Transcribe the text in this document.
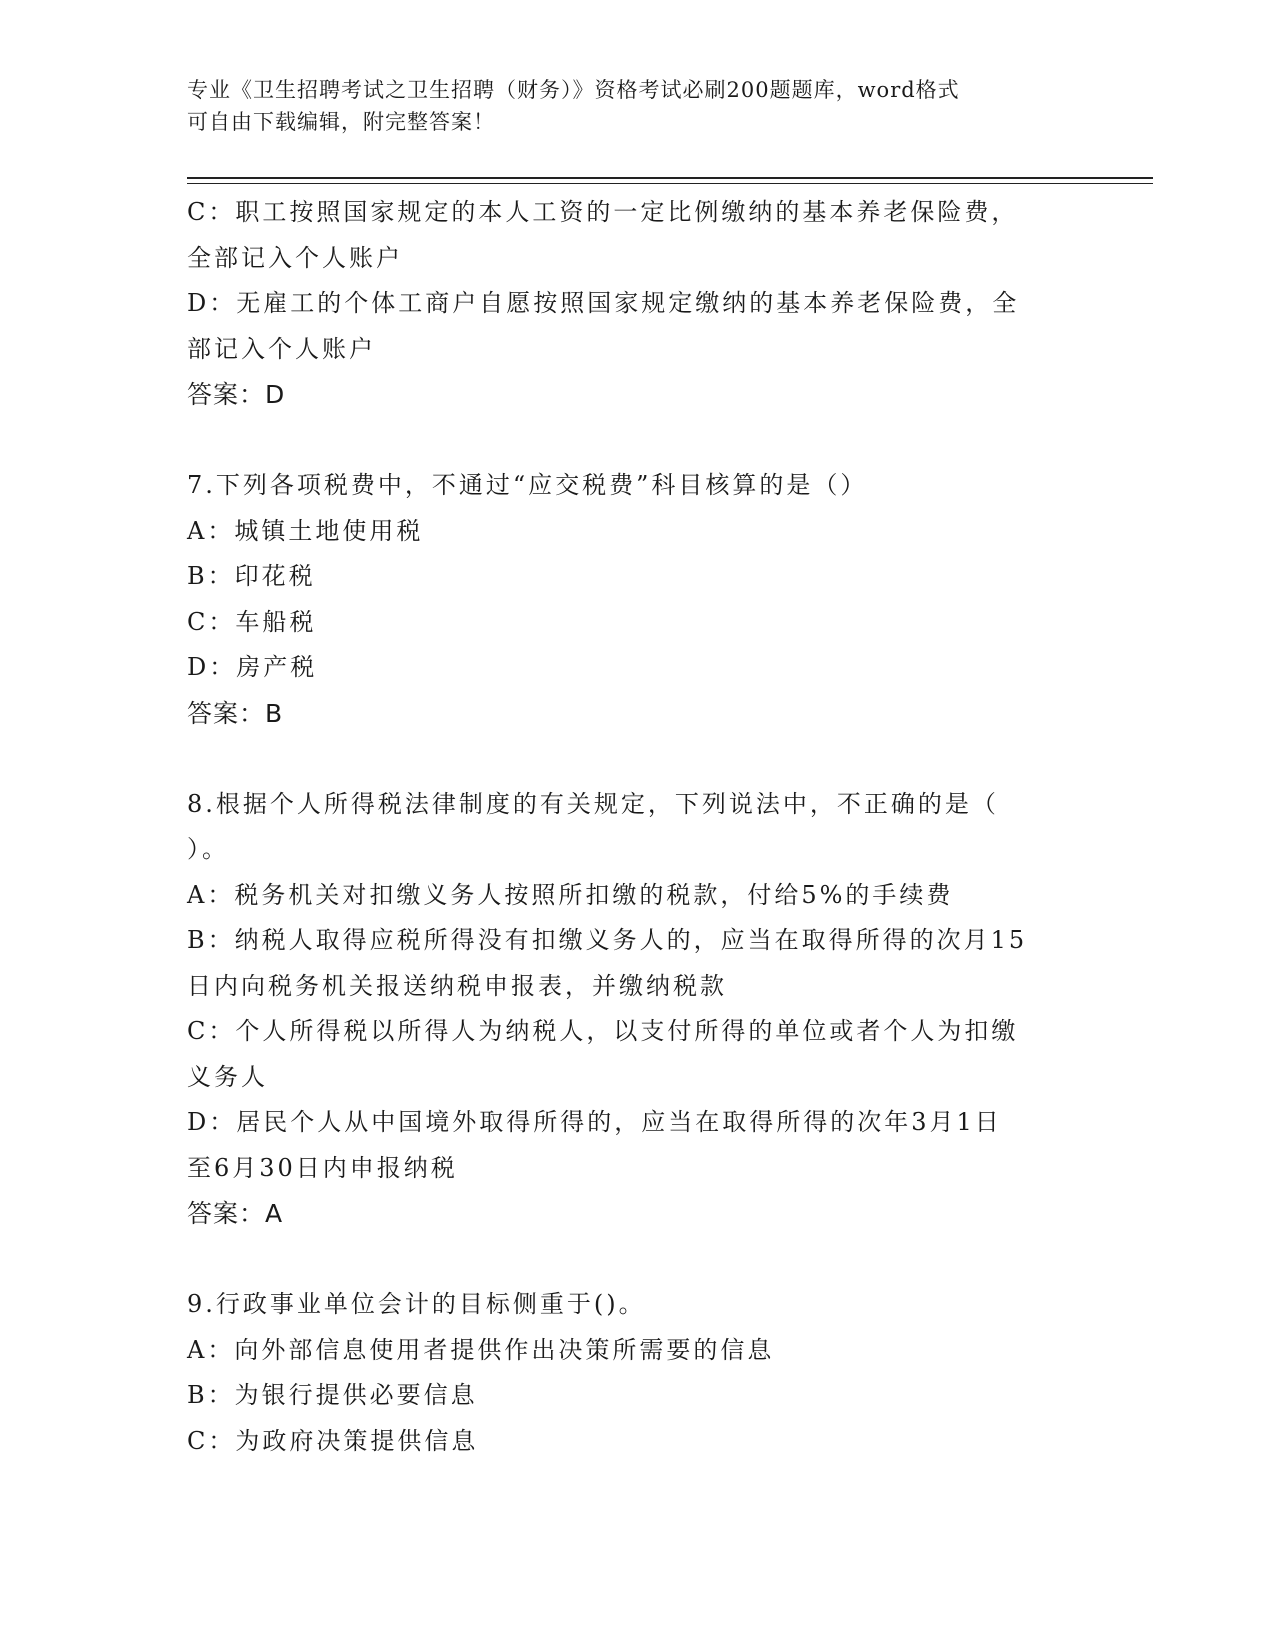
专业《卫生招聘考试之卫生招聘（财务）》资格考试必刷200题题库，word格式
可自由下载编辑，附完整答案！
C：职工按照国家规定的本人工资的一定比例缴纳的基本养老保险费，
全部记入个人账户
D：无雇工的个体工商户自愿按照国家规定缴纳的基本养老保险费，全
部记入个人账户
答案：D
7.下列各项税费中，不通过“应交税费”科目核算的是（）
A：城镇土地使用税
B：印花税
C：车船税
D：房产税
答案：B
8.根据个人所得税法律制度的有关规定，下列说法中，不正确的是（
）。
A：税务机关对扣缴义务人按照所扣缴的税款，付给5%的手续费
B：纳税人取得应税所得没有扣缴义务人的，应当在取得所得的次月15
日内向税务机关报送纳税申报表，并缴纳税款
C：个人所得税以所得人为纳税人，以支付所得的单位或者个人为扣缴
义务人
D：居民个人从中国境外取得所得的，应当在取得所得的次年3月1日
至6月30日内申报纳税
答案：A
9.行政事业单位会计的目标侧重于()。
A：向外部信息使用者提供作出决策所需要的信息
B：为银行提供必要信息
C：为政府决策提供信息
